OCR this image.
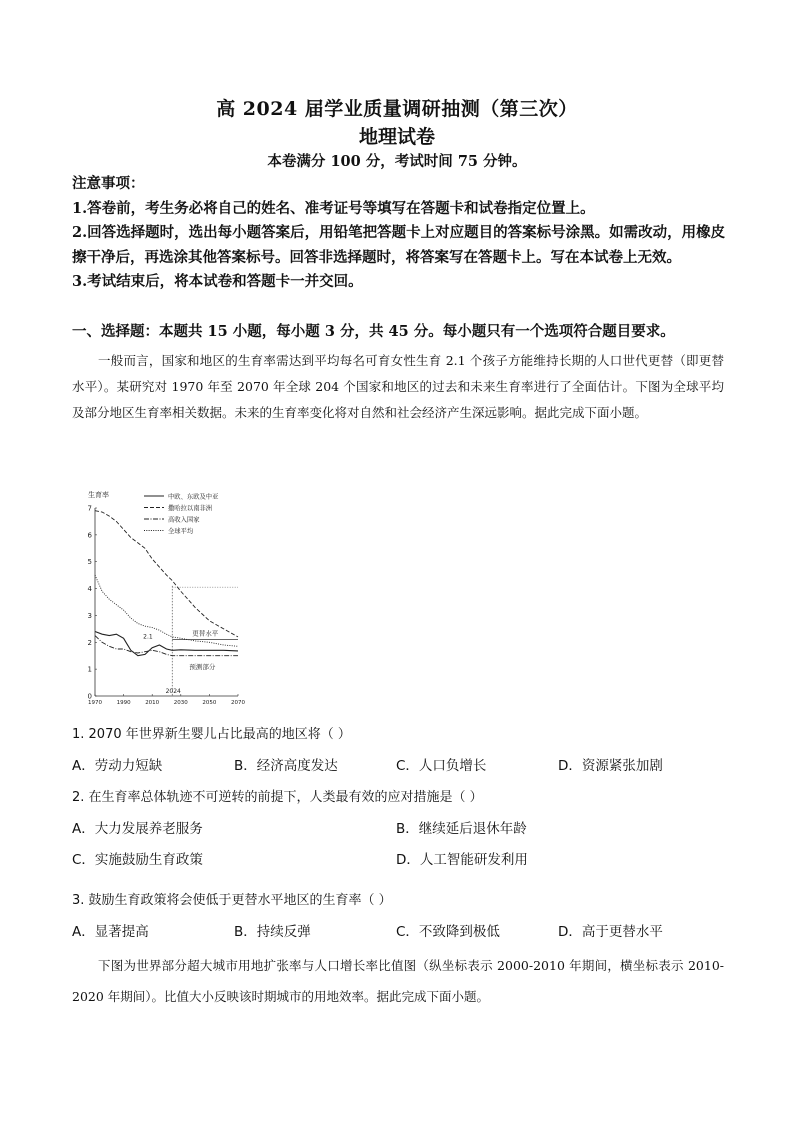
高 2024 届学业质量调研抽测（第三次）
地理试卷
本卷满分 100 分，考试时间 75 分钟。
注意事项：
1.答卷前，考生务必将自己的姓名、准考证号等填写在答题卡和试卷指定位置上。
2.回答选择题时，选出每小题答案后，用铅笔把答题卡上对应题目的答案标号涂黑。如需改动，用橡皮擦干净后，再选涂其他答案标号。回答非选择题时，将答案写在答题卡上。写在本试卷上无效。
3.考试结束后，将本试卷和答题卡一并交回。
一、选择题：本题共 15 小题，每小题 3 分，共 45 分。每小题只有一个选项符合题目要求。
一般而言，国家和地区的生育率需达到平均每名可育女性生育 2.1 个孩子方能维持长期的人口世代更替（即更替水平）。某研究对 1970 年至 2070 年全球 204 个国家和地区的过去和未来生育率进行了全面估计。下图为全球平均及部分地区生育率相关数据。未来的生育率变化将对自然和社会经济产生深远影响。据此完成下面小题。
生育率
0
1
2
3
4
5
6
7
1970	1990	2010	2030	2050	2070
2.1	更替水平
预测部分
2024
中欧、东欧及中亚
撒哈拉以南非洲
高收入国家
全球平均
1. 2070 年世界新生婴儿占比最高的地区将（ ）
A．劳动力短缺	B．经济高度发达	C．人口负增长	D．资源紧张加剧
2. 在生育率总体轨迹不可逆转的前提下，人类最有效的应对措施是（ ）
A．大力发展养老服务	B．继续延后退休年龄
C．实施鼓励生育政策	D．人工智能研发利用
3. 鼓励生育政策将会使低于更替水平地区的生育率（ ）
A．显著提高	B．持续反弹	C．不致降到极低	D．高于更替水平
下图为世界部分超大城市用地扩张率与人口增长率比值图（纵坐标表示 2000-2010 年期间，横坐标表示 2010-2020 年期间）。比值大小反映该时期城市的用地效率。据此完成下面小题。
